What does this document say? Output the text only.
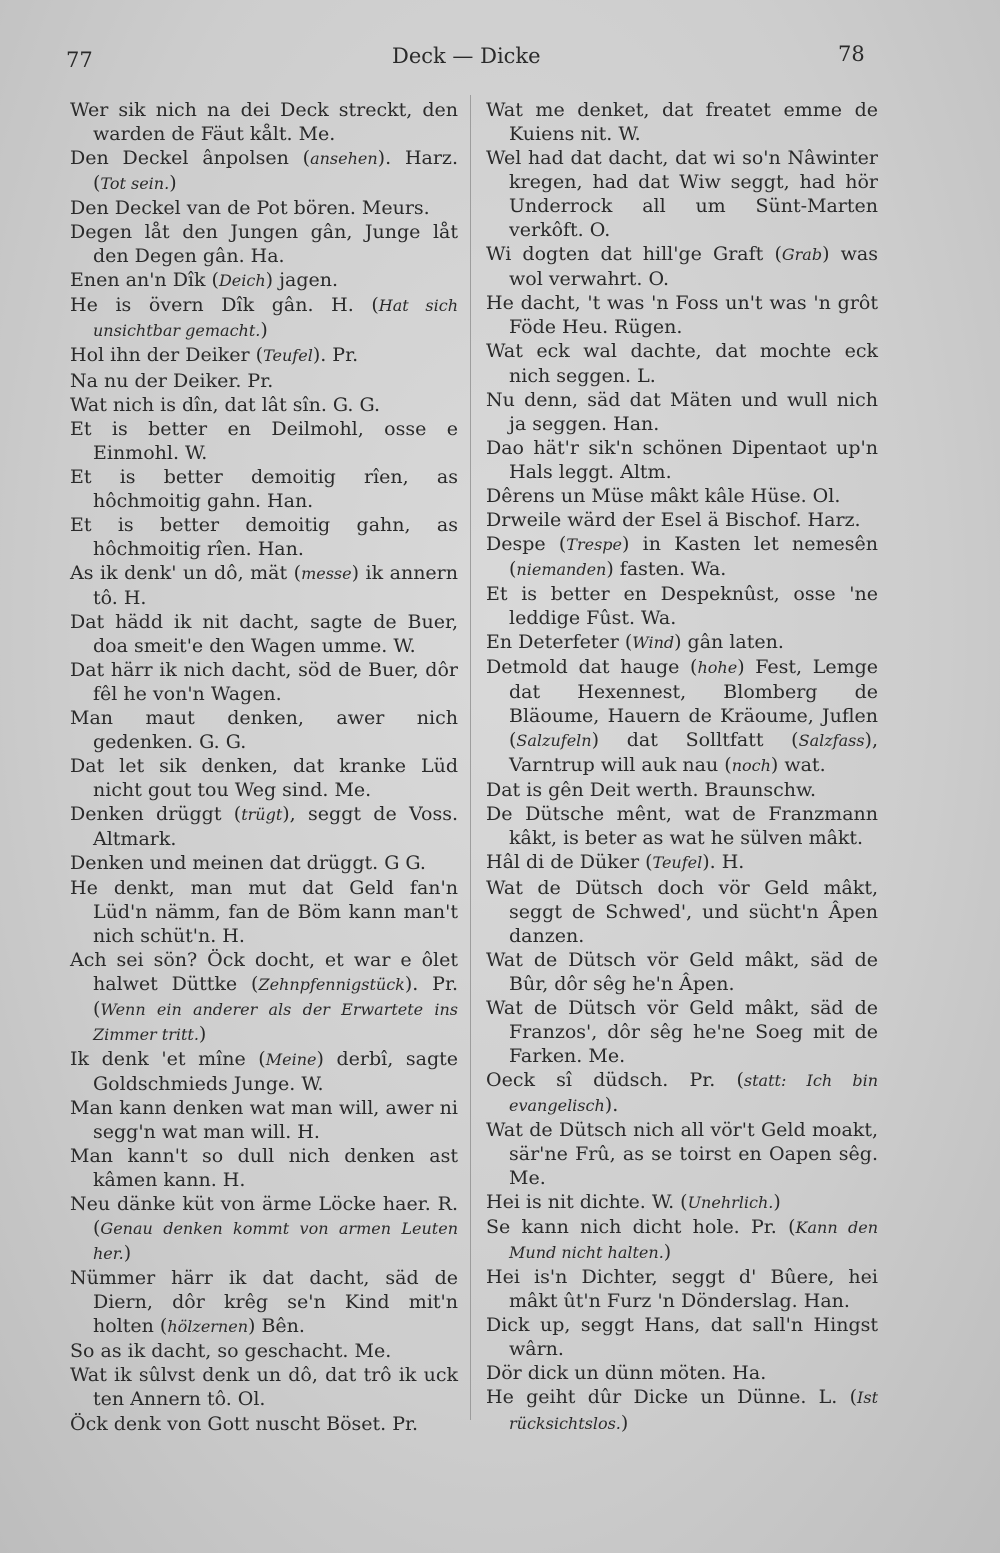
77	Deck — Dicke	78

Wer sik nich na dei Deck streckt, den warden de Fäut kålt. Me.

Den Deckel ânpolsen (ansehen). Harz. (Tot sein.)

Den Deckel van de Pot bören. Meurs.

Degen låt den Jungen gân, Junge låt den Degen gân. Ha.

Enen an'n Dîk (Deich) jagen.

He is övern Dîk gân. H. (Hat sich unsichtbar gemacht.)

Hol ihn der Deiker (Teufel). Pr.

Na nu der Deiker. Pr.

Wat nich is dîn, dat lât sîn. G. G.

Et is better en Deilmohl, osse e Einmohl. W.

Et is better demoitig rîen, as hôchmoitig gahn. Han.

Et is better demoitig gahn, as hôchmoitig rîen. Han.

As ik denk' un dô, mät (messe) ik annern tô. H.

Dat hädd ik nit dacht, sagte de Buer, doa smeit'e den Wagen umme. W.

Dat härr ik nich dacht, söd de Buer, dôr fêl he von'n Wagen.

Man maut denken, awer nich gedenken. G. G.

Dat let sik denken, dat kranke Lüd nicht gout tou Weg sind. Me.

Denken drüggt (trügt), seggt de Voss. Altmark.

Denken und meinen dat drüggt. G G.

He denkt, man mut dat Geld fan'n Lüd'n nämm, fan de Böm kann man't nich schüt'n. H.

Ach sei sön? Öck docht, et war e ôlet halwet Düttke (Zehnpfennigstück). Pr. (Wenn ein anderer als der Erwartete ins Zimmer tritt.)

Ik denk 'et mîne (Meine) derbî, sagte Goldschmieds Junge. W.

Man kann denken wat man will, awer ni segg'n wat man will. H.

Man kann't so dull nich denken ast kâmen kann. H.

Neu dänke küt von ärme Löcke haer. R. (Genau denken kommt von armen Leuten her.)

Nümmer härr ik dat dacht, säd de Diern, dôr krêg se'n Kind mit'n holten (hölzernen) Bên.

So as ik dacht, so geschacht. Me.

Wat ik sûlvst denk un dô, dat trô ik uck ten Annern tô. Ol.

Öck denk von Gott nuscht Böset. Pr.

Wat me denket, dat freatet emme de Kuiens nit. W.

Wel had dat dacht, dat wi so'n Nâwinter kregen, had dat Wiw seggt, had hör Underrock all um Sünt-Marten verkôft. O.

Wi dogten dat hill'ge Graft (Grab) was wol verwahrt. O.

He dacht, 't was 'n Foss un't was 'n grôt Föde Heu. Rügen.

Wat eck wal dachte, dat mochte eck nich seggen. L.

Nu denn, säd dat Mäten und wull nich ja seggen. Han.

Dao hät'r sik'n schönen Dipentaot up'n Hals leggt. Altm.

Dêrens un Müse mâkt kâle Hüse. Ol.

Drweile wärd der Esel ä Bischof. Harz.

Despe (Trespe) in Kasten let nemesên (niemanden) fasten. Wa.

Et is better en Despeknûst, osse 'ne leddige Fûst. Wa.

En Deterfeter (Wind) gân laten.

Detmold dat hauge (hohe) Fest, Lemge dat Hexennest, Blomberg de Bläoume, Hauern de Kräoume, Juflen (Salzufeln) dat Solltfatt (Salzfass), Varntrup will auk nau (noch) wat.

Dat is gên Deit werth. Braunschw.

De Dütsche mênt, wat de Franzmann kâkt, is beter as wat he sülven mâkt.

Hâl di de Düker (Teufel). H.

Wat de Dütsch doch vör Geld mâkt, seggt de Schwed', und sücht'n Âpen danzen.

Wat de Dütsch vör Geld mâkt, säd de Bûr, dôr sêg he'n Âpen.

Wat de Dütsch vör Geld mâkt, säd de Franzos', dôr sêg he'ne Soeg mit de Farken. Me.

Oeck sî düdsch. Pr. (statt: Ich bin evangelisch).

Wat de Dütsch nich all vör't Geld moakt, sär'ne Frû, as se toirst en Oapen sêg. Me.

Hei is nit dichte. W. (Unehrlich.)

Se kann nich dicht hole. Pr. (Kann den Mund nicht halten.)

Hei is'n Dichter, seggt d' Bûere, hei mâkt ût'n Furz 'n Dönderslag. Han.

Dick up, seggt Hans, dat sall'n Hingst wârn.

Dör dick un dünn möten. Ha.

He geiht dûr Dicke un Dünne. L. (Ist rücksichtslos.)
